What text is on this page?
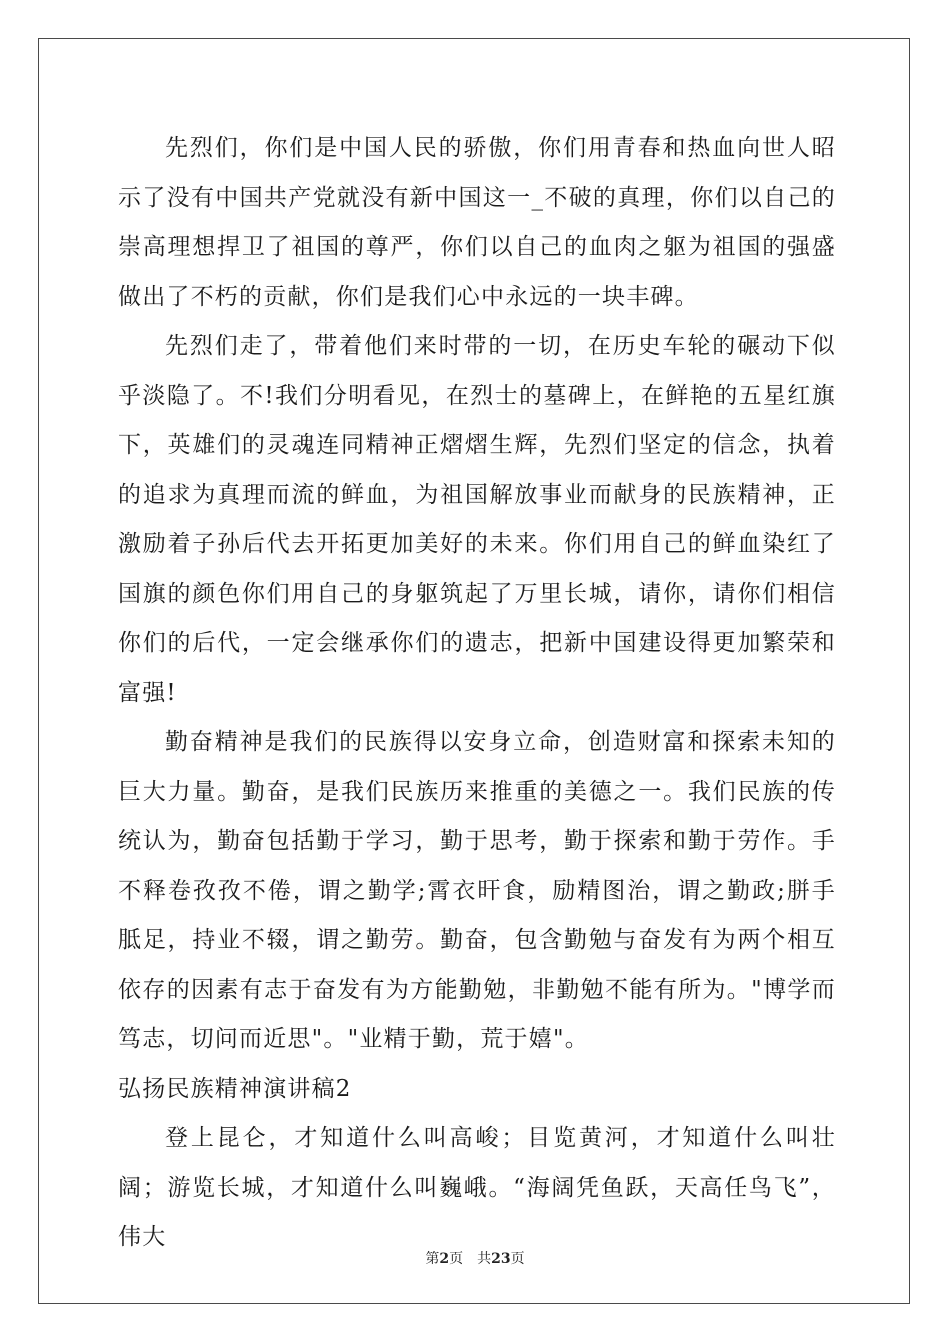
先烈们，你们是中国人民的骄傲，你们用青春和热血向世人昭示了没有中国共产党就没有新中国这一_不破的真理，你们以自己的崇高理想捍卫了祖国的尊严，你们以自己的血肉之躯为祖国的强盛做出了不朽的贡献，你们是我们心中永远的一块丰碑。

先烈们走了，带着他们来时带的一切，在历史车轮的碾动下似乎淡隐了。不!我们分明看见，在烈士的墓碑上，在鲜艳的五星红旗下，英雄们的灵魂连同精神正熠熠生辉，先烈们坚定的信念，执着的追求为真理而流的鲜血，为祖国解放事业而献身的民族精神，正激励着子孙后代去开拓更加美好的未来。你们用自己的鲜血染红了国旗的颜色你们用自己的身躯筑起了万里长城，请你，请你们相信你们的后代，一定会继承你们的遗志，把新中国建设得更加繁荣和富强!

勤奋精神是我们的民族得以安身立命，创造财富和探索未知的巨大力量。勤奋，是我们民族历来推重的美德之一。我们民族的传统认为，勤奋包括勤于学习，勤于思考，勤于探索和勤于劳作。手不释卷孜孜不倦，谓之勤学;霄衣旰食，励精图治，谓之勤政;胼手胝足，持业不辍，谓之勤劳。勤奋，包含勤勉与奋发有为两个相互依存的因素有志于奋发有为方能勤勉，非勤勉不能有所为。"博学而笃志，切问而近思"。"业精于勤，荒于嬉"。

弘扬民族精神演讲稿2

登上昆仑，才知道什么叫高峻；目览黄河，才知道什么叫壮阔；游览长城，才知道什么叫巍峨。“海阔凭鱼跃，天高任鸟飞”，伟大

第2页 共23页
